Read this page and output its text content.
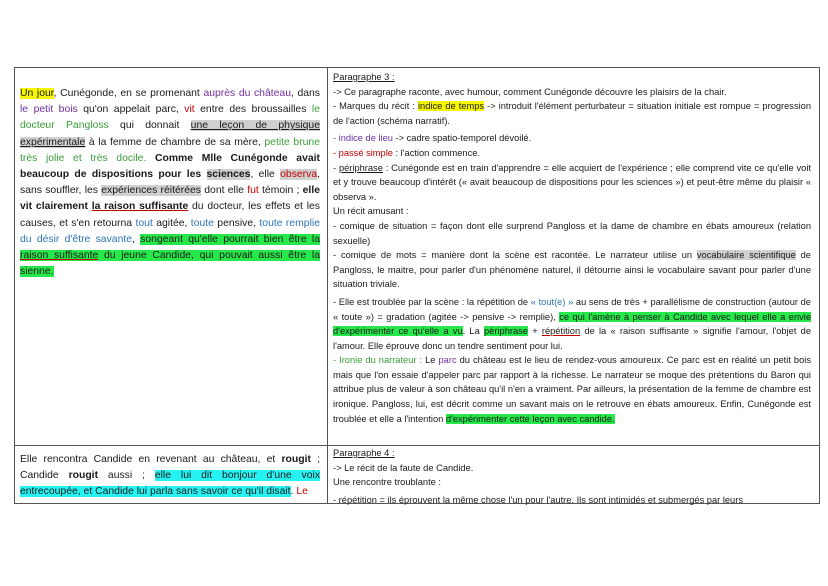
Un jour, Cunégonde, en se promenant auprès du château, dans le petit bois qu'on appelait parc, vit entre des broussailles le docteur Pangloss qui donnait une leçon de physique expérimentale à la femme de chambre de sa mère, petite brune très jolie et très docile. Comme Mlle Cunégonde avait beaucoup de dispositions pour les sciences, elle observa, sans souffler, les expériences réitérées dont elle fut témoin ; elle vit clairement la raison suffisante du docteur, les effets et les causes, et s'en retourna tout agitée, toute pensive, toute remplie du désir d'être savante, songeant qu'elle pourrait bien être la raison suffisante du jeune Candide, qui pouvait aussi être la sienne.

Elle rencontra Candide en revenant au château, et rougit ; Candide rougit aussi ; elle lui dit bonjour d'une voix entrecoupée, et Candide lui parla sans savoir ce qu'il disait. Le

Paragraphe 3 :

-> Ce paragraphe raconte, avec humour, comment Cunégonde découvre les plaisirs de la chair.

- Marques du récit : indice de temps -> introduit l'élément perturbateur = situation initiale est rompue = progression de l'action (schéma narratif).

- indice de lieu -> cadre spatio-temporel dévoilé.

- passé simple : l'action commence.

- périphrase : Cunégonde est en train d'apprendre = elle acquiert de l'expérience ; elle comprend vite ce qu'elle voit et y trouve beaucoup d'intérêt (« avait beaucoup de dispositions pour les sciences ») et peut-être même du plaisir « observa ».

Un récit amusant :

- comique de situation = façon dont elle surprend Pangloss et la dame de chambre en ébats amoureux (relation sexuelle)

- comique de mots = manière dont la scène est racontée. Le narrateur utilise un vocabulaire scientifique de Pangloss, le maitre, pour parler d'un phénomène naturel, il détourne ainsi le vocabulaire savant pour parler d'une situation triviale.

- Elle est troublée par la scène : la répétition de « tout(e) » au sens de très + parallélisme de construction (autour de « toute ») = gradation (agitée -> pensive -> remplie), ce qui l'amène à penser à Candide avec lequel elle a envie d'expérimenter ce qu'elle a vu. La périphrase + répétition de la « raison suffisante » signifie l'amour, l'objet de l'amour. Elle éprouve donc un tendre sentiment pour lui.

- Ironie du narrateur : Le parc du château est le lieu de rendez-vous amoureux. Ce parc est en réalité un petit bois mais que l'on essaie d'appeler parc par rapport à la richesse. Le narrateur se moque des prétentions du Baron qui attribue plus de valeur à son château qu'il n'en a vraiment. Par ailleurs, la présentation de la femme de chambre est ironique. Pangloss, lui, est décrit comme un savant mais on le retrouve en ébats amoureux. Enfin, Cunégonde est troublée et elle a l'intention d'expérimenter cette leçon avec candide.

Paragraphe 4 :

-> Le récit de la faute de Candide.

Une rencontre troublante :

- répétition = ils éprouvent la même chose l'un pour l'autre. Ils sont intimidés et submergés par leurs
